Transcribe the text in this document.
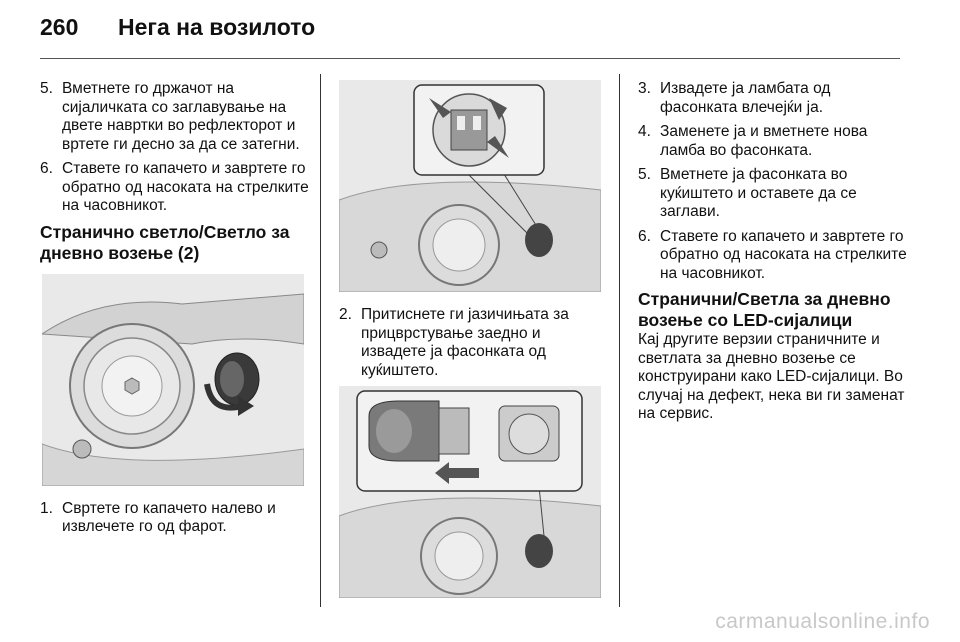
260	Нега на возилото
5. Вметнете го држачот на сијаличката со заглавување на двете навртки во рефлекторот и вртете ги десно за да се затегни.
6. Ставете го капачето и завртете го обратно од насоката на стрелките на часовникот.
Странично светло/Светло за дневно возење (2)
1. Свртете го капачето налево и извлечете го од фарот.
2. Притиснете ги јазичињата за прицврстување заедно и извадете ја фасонката од куќиштето.
3. Извадете ја ламбата од фасонката влечејќи ја.
4. Заменете ја и вметнете нова ламба во фасонката.
5. Вметнете ја фасонката во куќиштето и оставете да се заглави.
6. Ставете го капачето и завртете го обратно од насоката на стрелките на часовникот.
Странични/Светла за дневно возење со LED-сијалици

Кај другите верзии страничните и светлата за дневно возење се конструирани како LED-сијалици. Во случај на дефект, нека ви ги заменат на сервис.

carmanualsonline.info
